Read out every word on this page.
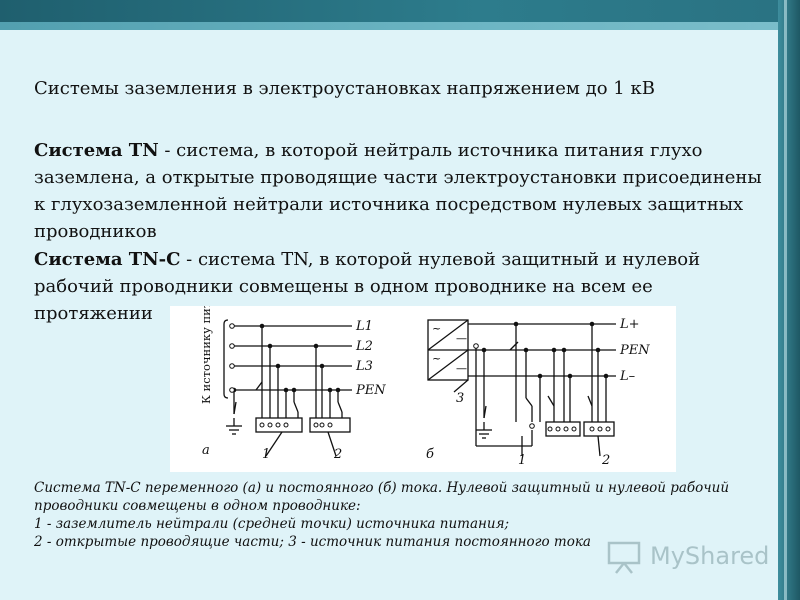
Системы заземления в электроустановках напряжением до 1 кВ
Система TN - система, в которой нейтраль источника питания глухо заземлена, а открытые проводящие части электроустановки присоединены к глухозаземленной нейтрали источника посредством нулевых защитных проводников
Система TN-C - система TN, в которой нулевой защитный и нулевой рабочий проводники совмещены в одном проводнике на всем ее протяжении
~
—
~
—
К источнику питания	L1
L2
L3
PEN
а	1	2
L+
PEN
L–
б	1	2
3
Система TN-C переменного (а) и постоянного (б) тока. Нулевой защитный и нулевой рабочий
проводники совмещены в одном проводнике:
1 - заземлитель нейтрали (средней точки) источника питания;
2 - открытые проводящие части; 3 - источник питания постоянного тока	MyShared
